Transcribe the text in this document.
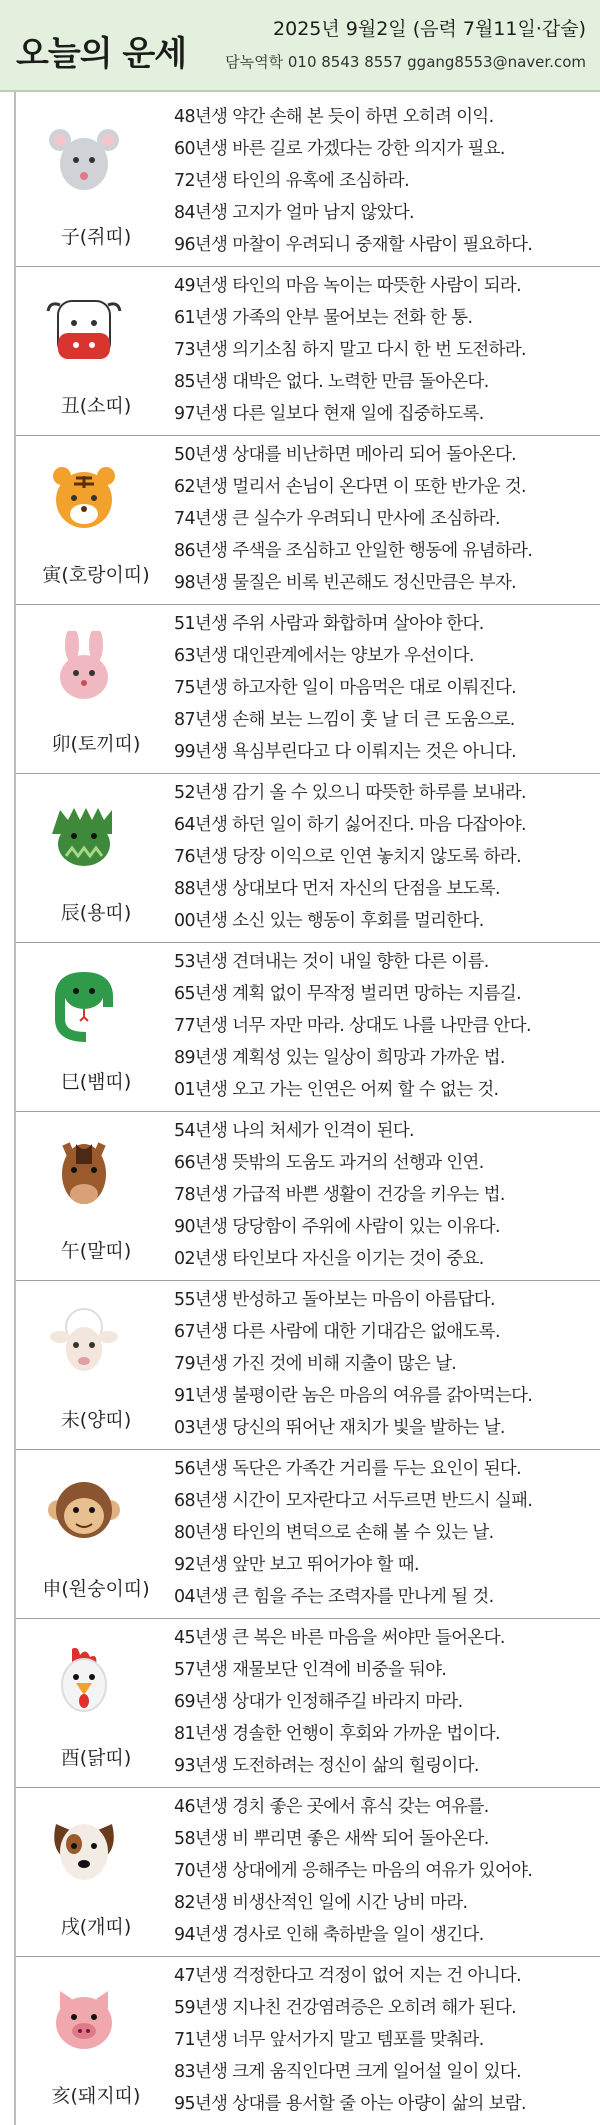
오늘의 운세
2025년 9월2일 (음력 7월11일·갑술)
담녹역학 010 8543 8557 ggang8553@naver.com
子(쥐띠)
48년생 약간 손해 본 듯이 하면 오히려 이익.
60년생 바른 길로 가겠다는 강한 의지가 필요.
72년생 타인의 유혹에 조심하라.
84년생 고지가 얼마 남지 않았다.
96년생 마찰이 우려되니 중재할 사람이 필요하다.
丑(소띠)
49년생 타인의 마음 녹이는 따뜻한 사람이 되라.
61년생 가족의 안부 물어보는 전화 한 통.
73년생 의기소침 하지 말고 다시 한 번 도전하라.
85년생 대박은 없다. 노력한 만큼 돌아온다.
97년생 다른 일보다 현재 일에 집중하도록.
寅(호랑이띠)
50년생 상대를 비난하면 메아리 되어 돌아온다.
62년생 멀리서 손님이 온다면 이 또한 반가운 것.
74년생 큰 실수가 우려되니 만사에 조심하라.
86년생 주색을 조심하고 안일한 행동에 유념하라.
98년생 물질은 비록 빈곤해도 정신만큼은 부자.
卯(토끼띠)
51년생 주위 사람과 화합하며 살아야 한다.
63년생 대인관계에서는 양보가 우선이다.
75년생 하고자한 일이 마음먹은 대로 이뤄진다.
87년생 손해 보는 느낌이 훗 날 더 큰 도움으로.
99년생 욕심부린다고 다 이뤄지는 것은 아니다.
辰(용띠)
52년생 감기 올 수 있으니 따뜻한 하루를 보내라.
64년생 하던 일이 하기 싫어진다. 마음 다잡아야.
76년생 당장 이익으로 인연 놓치지 않도록 하라.
88년생 상대보다 먼저 자신의 단점을 보도록.
00년생 소신 있는 행동이 후회를 멀리한다.
巳(뱀띠)
53년생 견뎌내는 것이 내일 향한 다른 이름.
65년생 계획 없이 무작정 벌리면 망하는 지름길.
77년생 너무 자만 마라. 상대도 나를 나만큼 안다.
89년생 계획성 있는 일상이 희망과 가까운 법.
01년생 오고 가는 인연은 어찌 할 수 없는 것.
午(말띠)
54년생 나의 처세가 인격이 된다.
66년생 뜻밖의 도움도 과거의 선행과 인연.
78년생 가급적 바쁜 생활이 건강을 키우는 법.
90년생 당당함이 주위에 사람이 있는 이유다.
02년생 타인보다 자신을 이기는 것이 중요.
未(양띠)
55년생 반성하고 돌아보는 마음이 아름답다.
67년생 다른 사람에 대한 기대감은 없애도록.
79년생 가진 것에 비해 지출이 많은 날.
91년생 불평이란 놈은 마음의 여유를 갉아먹는다.
03년생 당신의 뛰어난 재치가 빛을 발하는 날.
申(원숭이띠)
56년생 독단은 가족간 거리를 두는 요인이 된다.
68년생 시간이 모자란다고 서두르면 반드시 실패.
80년생 타인의 변덕으로 손해 볼 수 있는 날.
92년생 앞만 보고 뛰어가야 할 때.
04년생 큰 힘을 주는 조력자를 만나게 될 것.
酉(닭띠)
45년생 큰 복은 바른 마음을 써야만 들어온다.
57년생 재물보단 인격에 비중을 둬야.
69년생 상대가 인정해주길 바라지 마라.
81년생 경솔한 언행이 후회와 가까운 법이다.
93년생 도전하려는 정신이 삶의 힐링이다.
戌(개띠)
46년생 경치 좋은 곳에서 휴식 갖는 여유를.
58년생 비 뿌리면 좋은 새싹 되어 돌아온다.
70년생 상대에게 응해주는 마음의 여유가 있어야.
82년생 비생산적인 일에 시간 낭비 마라.
94년생 경사로 인해 축하받을 일이 생긴다.
亥(돼지띠)
47년생 걱정한다고 걱정이 없어 지는 건 아니다.
59년생 지나친 건강염려증은 오히려 해가 된다.
71년생 너무 앞서가지 말고 템포를 맞춰라.
83년생 크게 움직인다면 크게 일어설 일이 있다.
95년생 상대를 용서할 줄 아는 아량이 삶의 보람.
